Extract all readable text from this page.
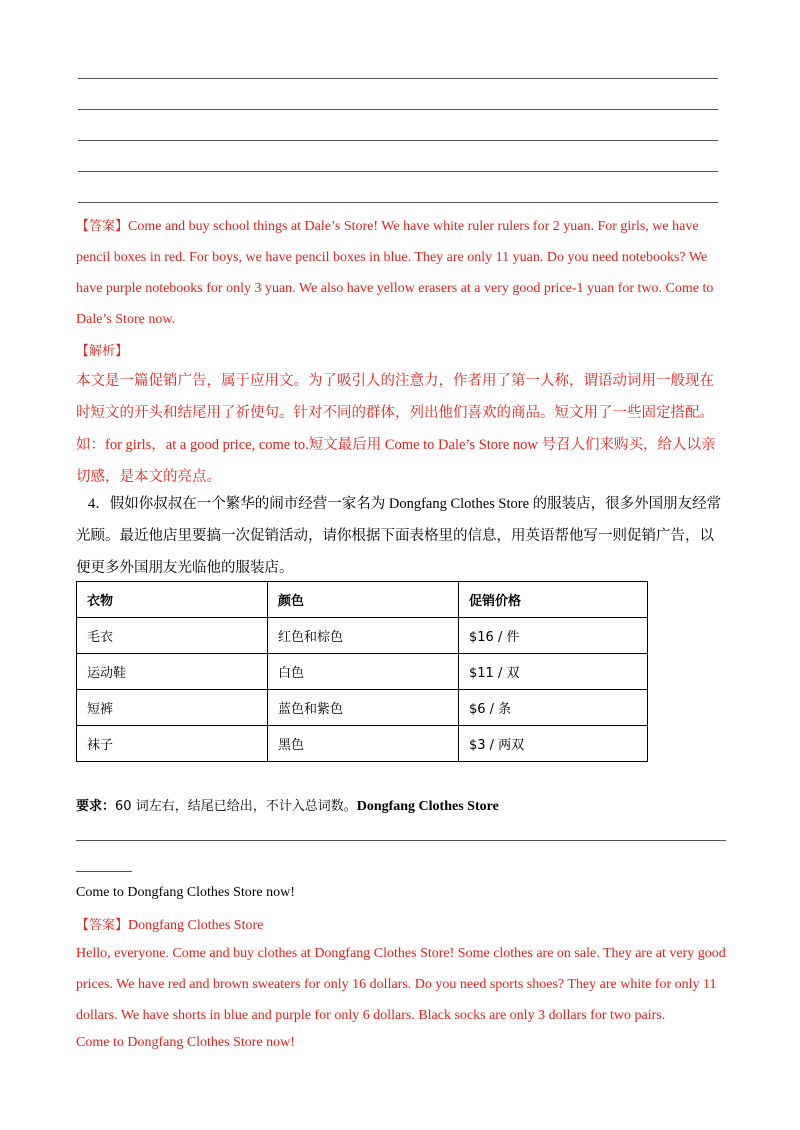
【答案】Come and buy school things at Dale’s Store! We have white ruler rulers for 2 yuan. For girls, we have pencil boxes in red. For boys, we have pencil boxes in blue. They are only 11 yuan. Do you need notebooks? We have purple notebooks for only 3 yuan. We also have yellow erasers at a very good price-1 yuan for two. Come to Dale’s Store now.

【解析】

本文是一篇促销广告，属于应用文。为了吸引人的注意力，作者用了第一人称，谓语动词用一般现在时短文的开头和结尾用了祈使句。针对不同的群体，列出他们喜欢的商品。短文用了一些固定搭配。如：for girls，at a good price, come to.短文最后用 Come to Dale’s Store now 号召人们来购买，给人以亲切感，是本文的亮点。

4．假如你叔叔在一个繁华的闹市经营一家名为 Dongfang Clothes Store 的服装店，很多外国朋友经常光顾。最近他店里要搞一次促销活动，请你根据下面表格里的信息，用英语帮他写一则促销广告，以便更多外国朋友光临他的服装店。

衣物	颜色	促销价格
毛衣	红色和棕色	$16 / 件
运动鞋	白色	$11 / 双
短裤	蓝色和紫色	$6 / 条
袜子	黑色	$3 / 两双

要求：60 词左右，结尾已给出，不计入总词数。Dongfang Clothes Store

Come to Dongfang Clothes Store now!

【答案】Dongfang Clothes Store

Hello, everyone. Come and buy clothes at Dongfang Clothes Store! Some clothes are on sale. They are at very good prices. We have red and brown sweaters for only 16 dollars. Do you need sports shoes? They are white for only 11 dollars. We have shorts in blue and purple for only 6 dollars. Black socks are only 3 dollars for two pairs.

Come to Dongfang Clothes Store now!
